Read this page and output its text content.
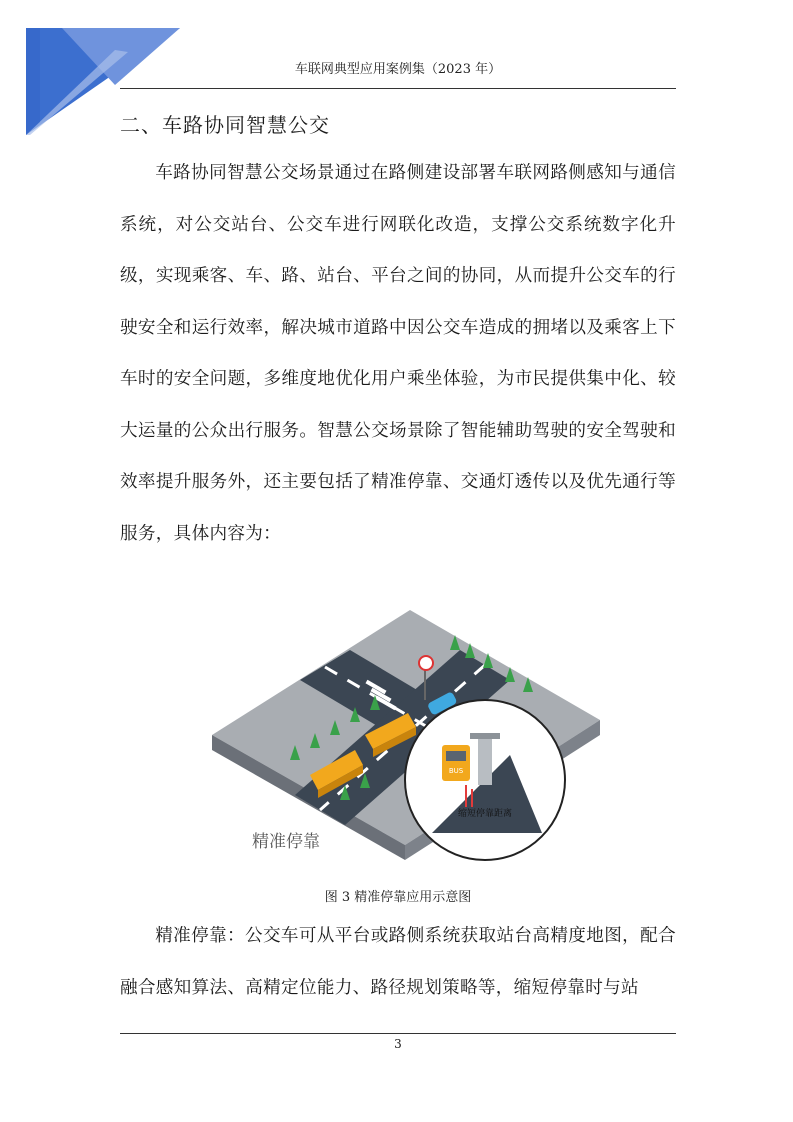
车联网典型应用案例集（2023 年）
二、车路协同智慧公交

车路协同智慧公交场景通过在路侧建设部署车联网路侧感知与通信系统，对公交站台、公交车进行网联化改造，支撑公交系统数字化升级，实现乘客、车、路、站台、平台之间的协同，从而提升公交车的行驶安全和运行效率，解决城市道路中因公交车造成的拥堵以及乘客上下车时的安全问题，多维度地优化用户乘坐体验，为市民提供集中化、较大运量的公众出行服务。智慧公交场景除了智能辅助驾驶的安全驾驶和效率提升服务外，还主要包括了精准停靠、交通灯透传以及优先通行等服务，具体内容为：

BUS
缩短停靠距离
精准停靠
图 3 精准停靠应用示意图

精准停靠：公交车可从平台或路侧系统获取站台高精度地图，配合融合感知算法、高精定位能力、路径规划策略等，缩短停靠时与站

3
